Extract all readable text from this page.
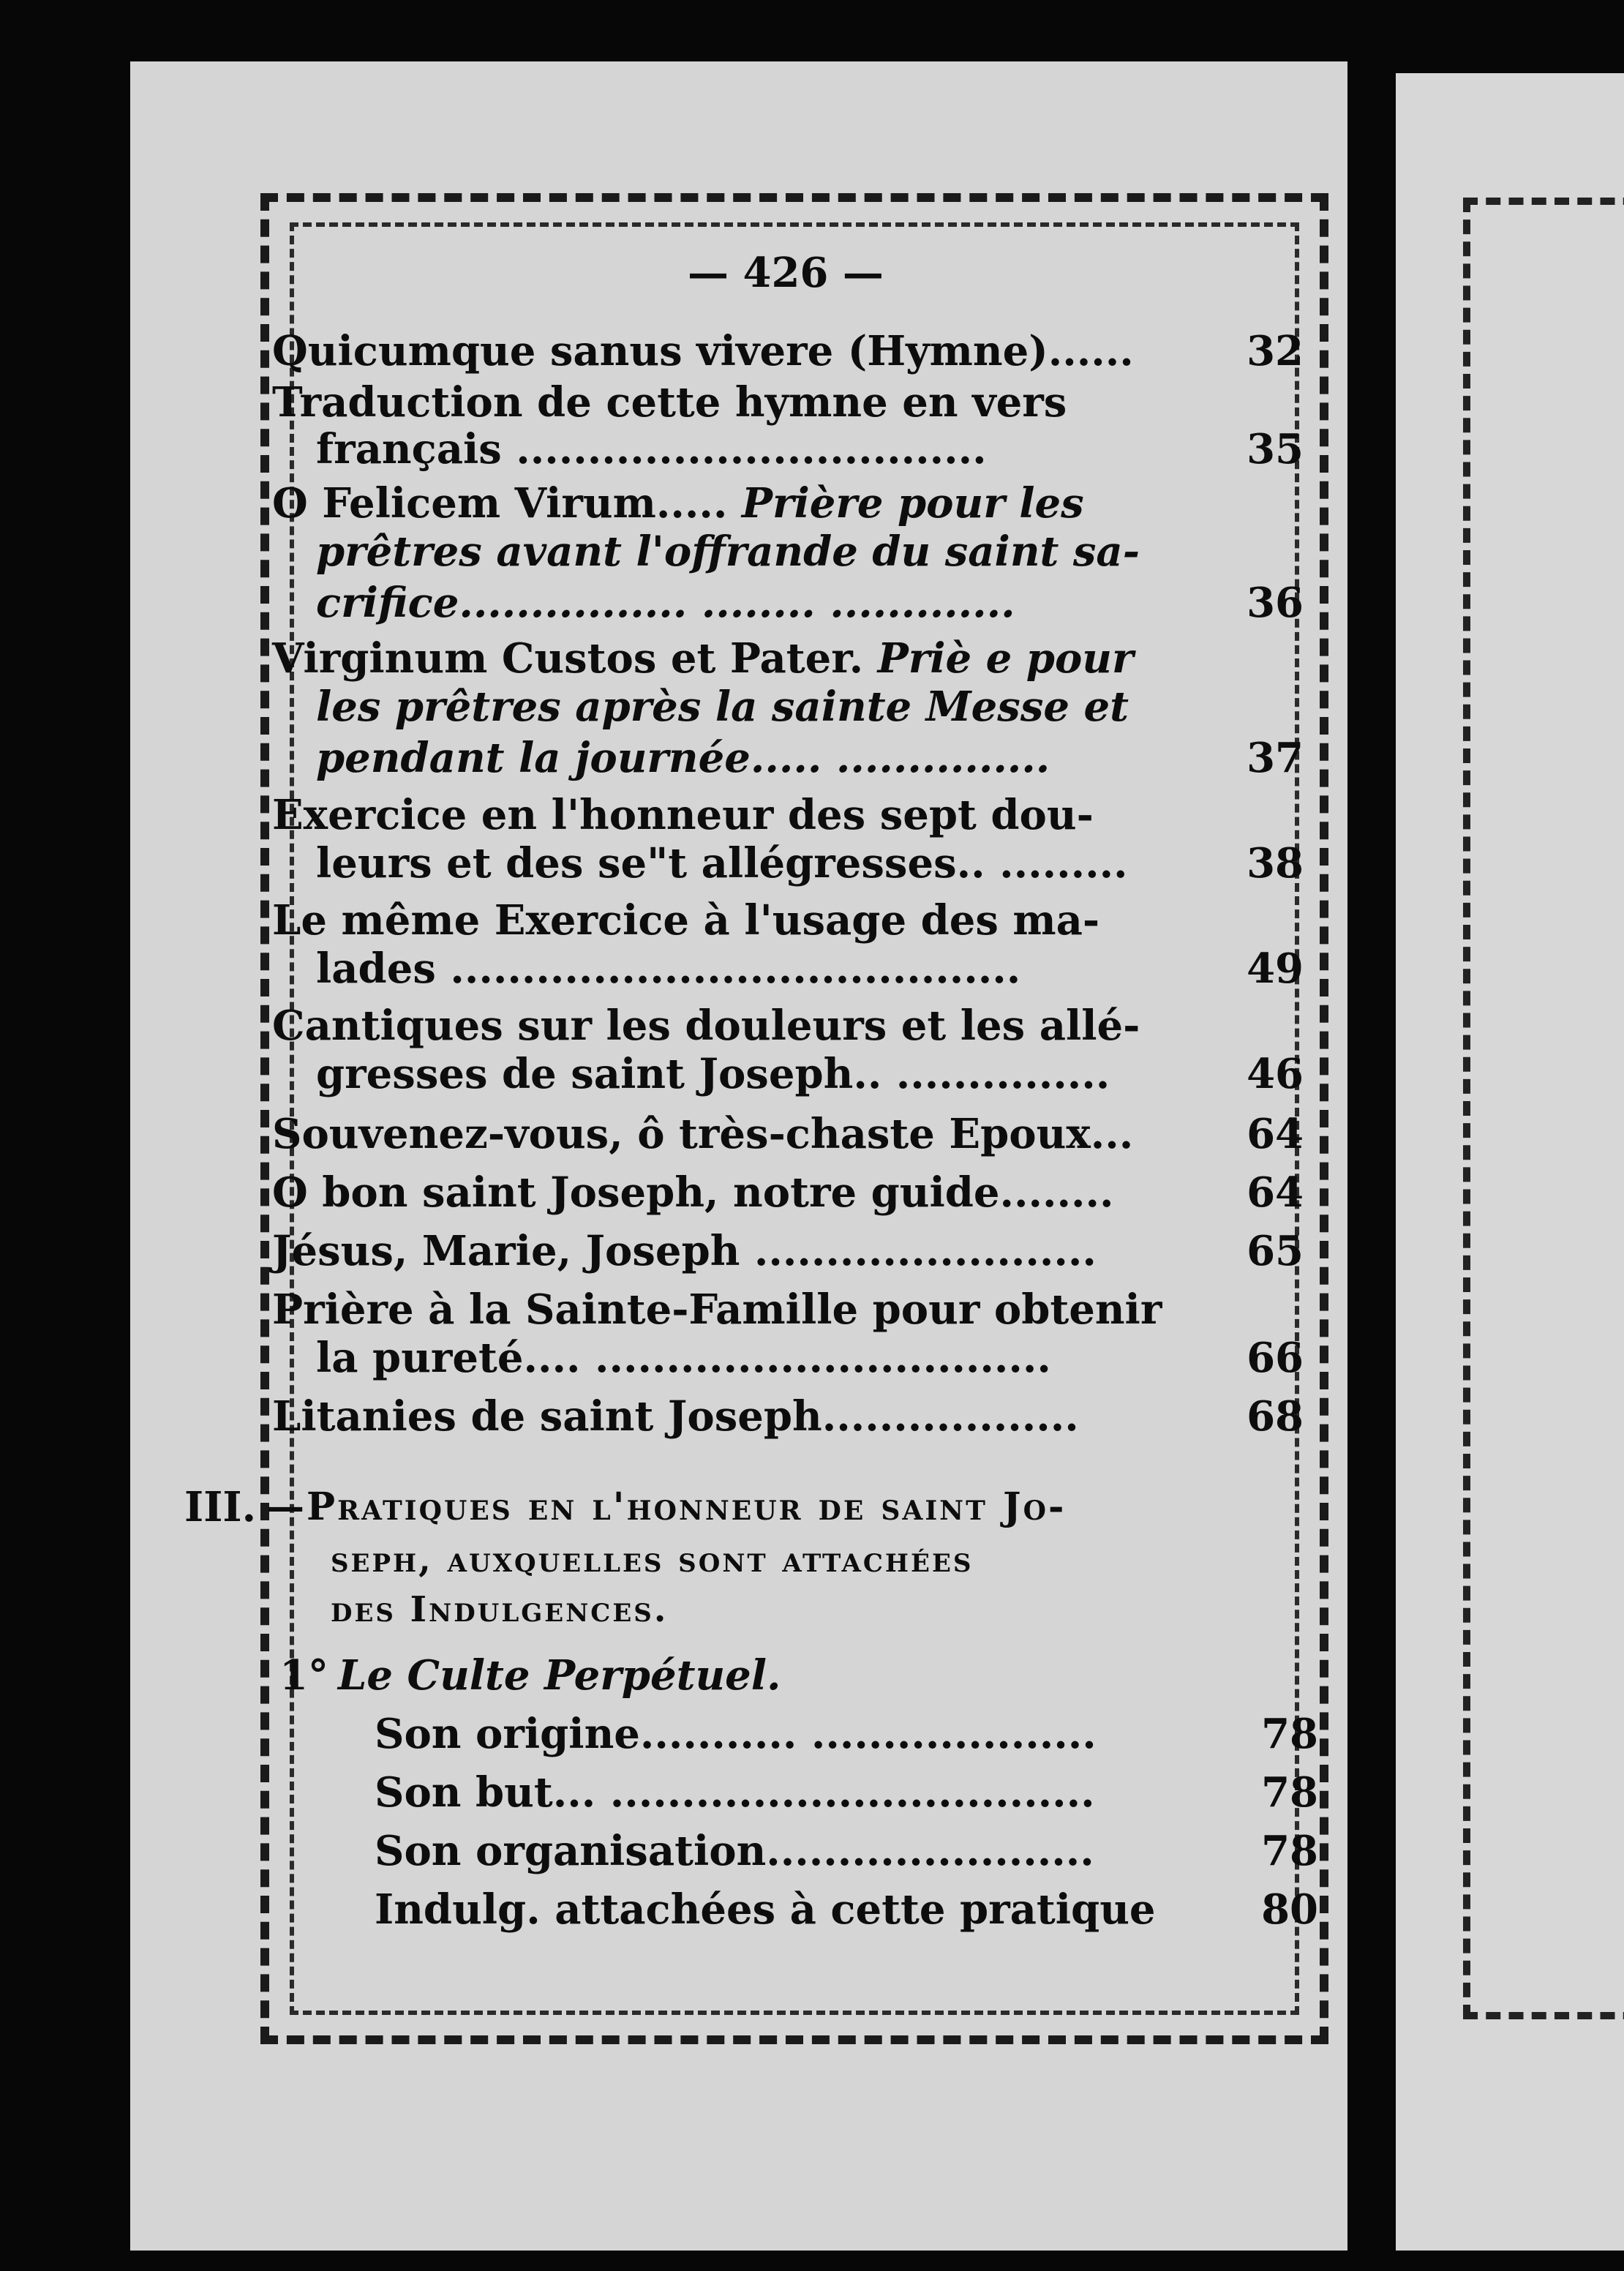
— 426 —
Quicumque sanus vivere (Hymne)......	32
Traduction de cette hymne en vers
français .................................	35
O Felicem Virum..... Prière pour les
prêtres avant l'offrande du saint sa-
crifice................ ........ .............	36
Virginum Custos et Pater. Priè e pour
les prêtres après la sainte Messe et
pendant la journée..... ...............	37
Exercice en l'honneur des sept dou-
leurs et des se"t allégresses.. .........	38
Le même Exercice à l'usage des ma-
lades ........................................	49
Cantiques sur les douleurs et les allé-
gresses de saint Joseph.. ...............	46
Souvenez-vous, ô très-chaste Epoux...	64
O bon saint Joseph, notre guide........	64
Jésus, Marie, Joseph ........................	65
Prière à la Sainte-Famille pour obtenir
la pureté.... ................................	66
Litanies de saint Joseph..................	68
III. —Pratiques en l'honneur de saint Jo-
seph, auxquelles sont attachées
des Indulgences.
1° Le Culte Perpétuel.
Son origine........... ....................	78
Son but... ..................................	78
Son organisation.......................	78
Indulg. attachées à cette pratique	80
